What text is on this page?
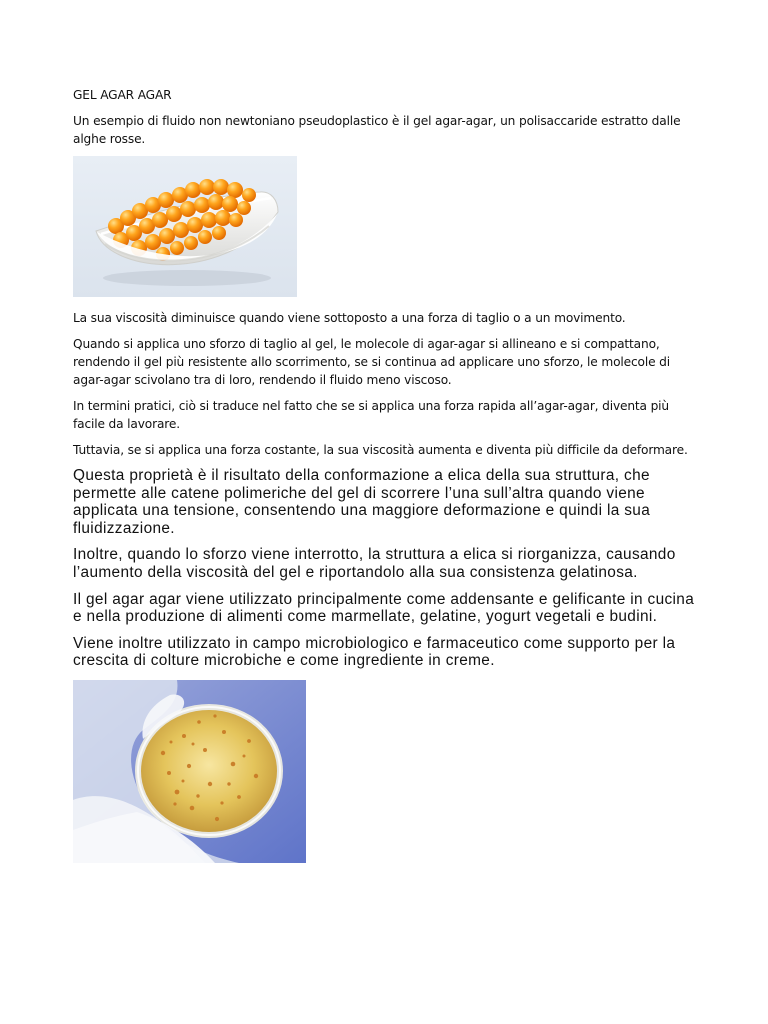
GEL AGAR AGAR

Un esempio di fluido non newtoniano pseudoplastico è il gel agar-agar, un polisaccaride estratto dalle alghe rosse.

La sua viscosità diminuisce quando viene sottoposto a una forza di taglio o a un movimento.

Quando si applica uno sforzo di taglio al gel, le molecole di agar-agar si allineano e si compattano, rendendo il gel più resistente allo scorrimento, se si continua ad applicare uno sforzo, le molecole di agar-agar scivolano tra di loro, rendendo il fluido meno viscoso.

In termini pratici, ciò si traduce nel fatto che se si applica una forza rapida all’agar-agar, diventa più facile da lavorare.

Tuttavia, se si applica una forza costante, la sua viscosità aumenta e diventa più difficile da deformare.

Questa proprietà è il risultato della conformazione a elica della sua struttura, che permette alle catene polimeriche del gel di scorrere l’una sull’altra quando viene applicata una tensione, consentendo una maggiore deformazione e quindi la sua fluidizzazione.

Inoltre, quando lo sforzo viene interrotto, la struttura a elica si riorganizza, causando l’aumento della viscosità del gel e riportandolo alla sua consistenza gelatinosa.

Il gel agar agar viene utilizzato principalmente come addensante e gelificante in cucina e nella produzione di alimenti come marmellate, gelatine, yogurt vegetali e budini.

Viene inoltre utilizzato in campo microbiologico e farmaceutico come supporto per la crescita di colture microbiche e come ingrediente in creme.
